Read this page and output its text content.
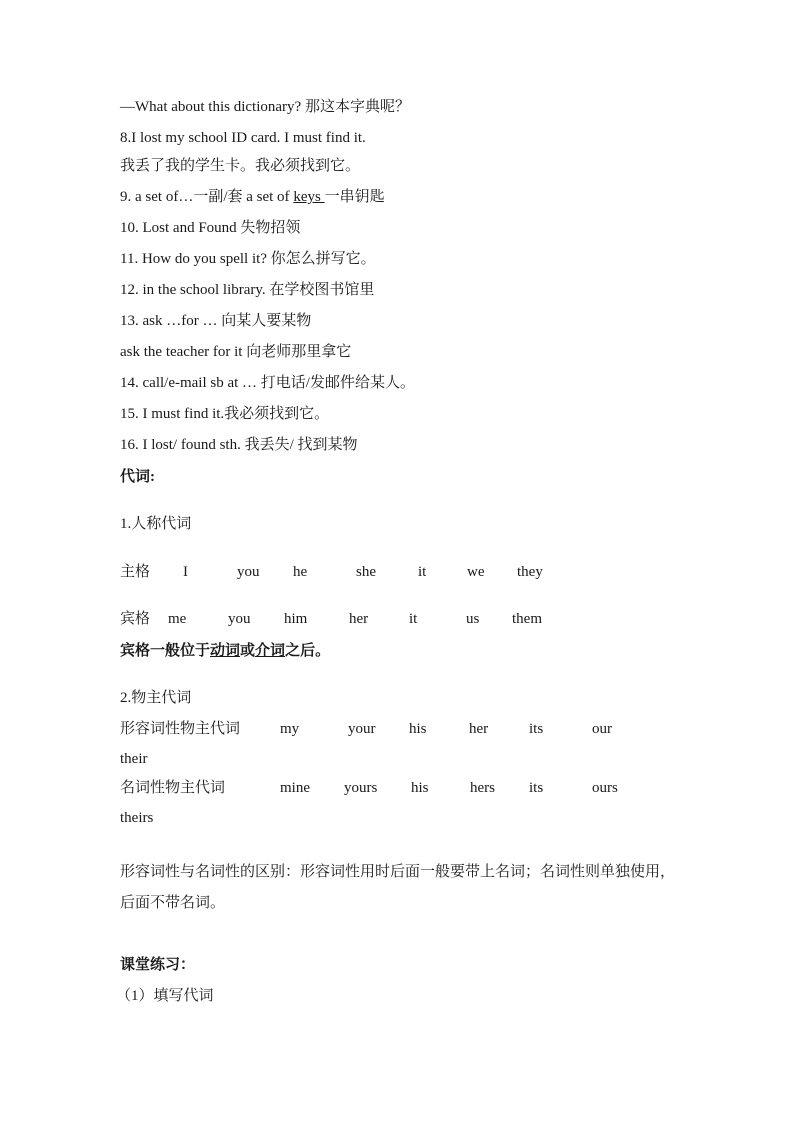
—What about this dictionary? 那这本字典呢？
8.I lost my school ID card. I must find it.
我丢了我的学生卡。我必须找到它。
9. a set of…一副/套 a set of keys 一串钥匙
10. Lost and Found 失物招领
11. How do you spell it? 你怎么拼写它。
12. in the school library. 在学校图书馆里
13. ask …for … 向某人要某物
ask the teacher for it 向老师那里拿它
14. call/e-mail sb at … 打电话/发邮件给某人。
15. I must find it.我必须找到它。
16. I lost/ found sth. 我丢失/ 找到某物
代词:
1.人称代词
主格 I	you he	she	it	we they
宾格 me	you him	her	it	us them
宾格一般位于动词或介词之后。
2.物主代词
形容词性物主代词	my	your his	her	its	our
their
名词性物主代词	mine yours his	hers its	ours
theirs
形容词性与名词性的区别：形容词性用时后面一般要带上名词；名词性则单独使用，后面不带名词。
课堂练习：
（1）填写代词
